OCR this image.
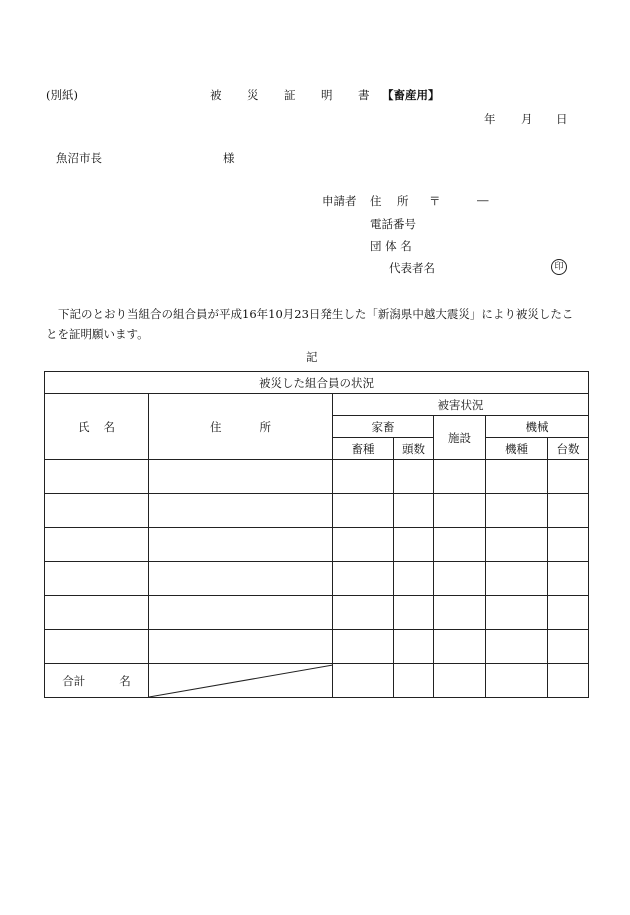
(別紙)	被 災 証 明 書 【畜産用】
年 月 日
魚沼市長	様
申請者 住 所 〒	―
電話番号
団 体 名
代表者名	印
下記のとおり当組合の組合員が平成16年10月23日発生した「新潟県中越大震災」により被災したこ
とを証明願います。
記
被災した組合員の状況						
氏 名	住 所	被害状況				
		家畜		施設	機械	
		畜種	頭数		機種	台数

合計 名	
